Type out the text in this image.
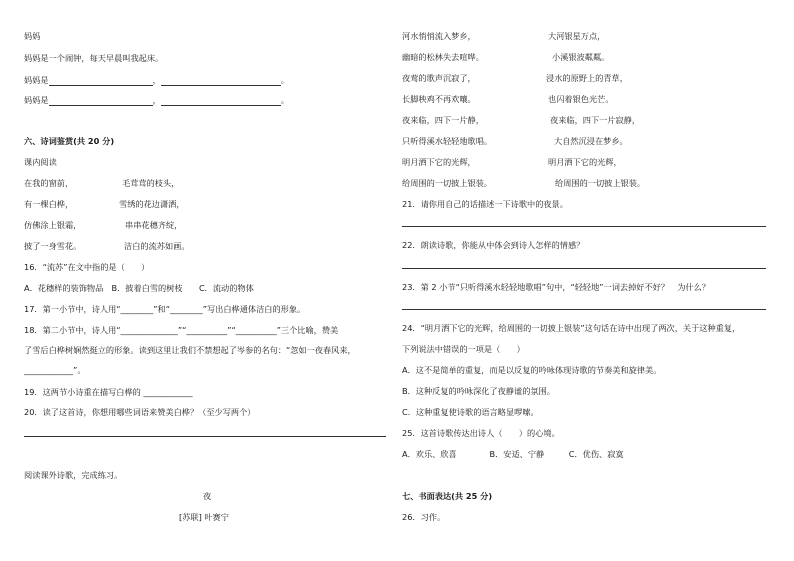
妈妈
妈妈是一个闹钟，每天早晨叫我起床。
妈妈是	，	。
妈妈是	，	。
六、诗词鉴赏(共 20 分)
课内阅读
在我的窗前，	毛茸茸的枝头，
有一棵白桦，	雪绣的花边潇洒，
仿佛涂上银霜，	串串花穗齐绽，
披了一身雪花。	洁白的流苏如画。
16．“流苏”在文中指的是（　　）
A．花穗样的装饰物品　B．披着白雪的树枝　　C．流动的物体
17．第一小节中，诗人用“________”和“________”写出白桦通体洁白的形象。
18．第二小节中，诗人用“______________”“__________”“__________”三个比喻，赞美
了雪后白桦树娴然挺立的形象。读到这里让我们不禁想起了岑参的名句：“忽如一夜春风来，
____________”。
19．这两节小诗重在描写白桦的 ____________
20．读了这首诗，你想用哪些词语来赞美白桦？（至少写两个）
阅读课外诗歌，完成练习。
夜
[苏联] 叶赛宁
河水悄悄流入梦乡，	大河银星万点，
幽暗的松林失去喧哗。	小溪银波粼粼。
夜莺的歌声沉寂了，	浸水的原野上的青草，
长脚秧鸡不再欢嚷。	也闪着银色光芒。
夜来临，四下一片静，	夜来临，四下一片寂静，
只听得溪水轻轻地歌唱。	大自然沉浸在梦乡。
明月洒下它的光辉，	明月洒下它的光辉，
给周围的一切披上银装。	给周围的一切披上银装。
21．请你用自己的话描述一下诗歌中的夜景。
22．朗读诗歌，你能从中体会到诗人怎样的情感？
23．第 2 小节“只听得溪水轻轻地歌唱”句中，“轻轻地”一词去掉好不好？　为什么？
24．“明月洒下它的光辉，给周围的一切披上银装”这句话在诗中出现了两次，关于这种重复，
下列说法中错误的一项是（　　）
A．这不是简单的重复，而是以反复的吟咏体现诗歌的节奏美和旋律美。
B．这种反复的吟咏深化了夜静谧的氛围。
C．这种重复使诗歌的语言略显啰嗦。
25．这首诗歌传达出诗人（　　）的心境。
A．欢乐、欣喜　　　　B．安适、宁静　　　C．优伤、寂寞
七、书面表达(共 25 分)
26．习作。
